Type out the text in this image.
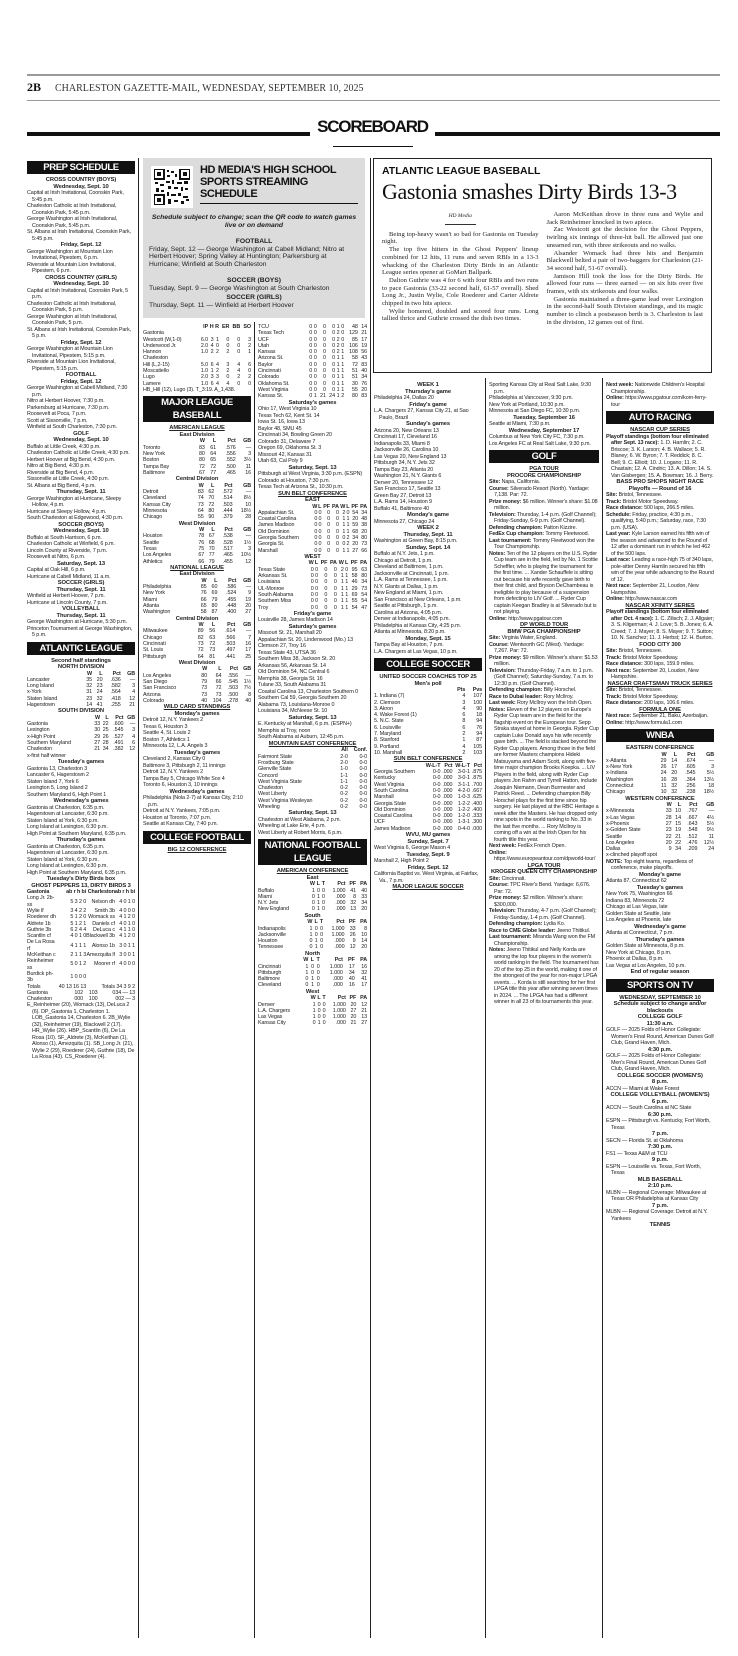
2B CHARLESTON GAZETTE-MAIL, WEDNESDAY, SEPTEMBER 10, 2025
SCOREBOARD
HD MEDIA'S HIGH SCHOOL SPORTS STREAMING SCHEDULE
Schedule subject to change; scan the QR code to watch games live or on demand
FOOTBALL
Friday, Sept. 12 — George Washington at Cabell Midland; Nitro at Herbert Hoover; Spring Valley at Huntington; Parkersburg at Hurricane; Winfield at South Charleston
SOCCER (BOYS)
Tuesday, Sept. 9 — George Washington at South Charleston
SOCCER (GIRLS)
Thursday, Sept. 11 — Winfield at Herbert Hoover
ATLANTIC LEAGUE BASEBALL
Gastonia smashes Dirty Birds 13-3
HD Media

Being top-heavy wasn't so bad for Gastonia on Tuesday night.

The top five hitters in the Ghost Peppers' lineup combined for 12 hits, 11 runs and seven RBIs in a 13-3 whacking of the Charleston Dirty Birds in an Atlantic League series opener at GoMart Ballpark.

Dalton Guthrie was 4 for 6 with four RBIs and two runs to pace Gastonia (33-22 second half, 61-57 overall). Shed Long Jr., Justin Wylie, Cole Roederer and Carter Aldrete chipped in two hits apiece.

Wylie homered, doubled and scored four runs. Long tallied thrice and Guthrie crossed the dish two times.

Aaron McKeithan drove in three runs and Wylie and Jack Reinheimer knocked in two apiece.

Zac Westcott got the decision for the Ghost Peppers, twirling six innings of three-hit ball. He allowed just one unearned run, with three strikeouts and no walks.

Alsander Womack had three hits and Benjamin Blackwell belted a pair of two-baggers for Charleston (21-34 second half, 51-67 overall).

Jamison Hill took the loss for the Dirty Birds. He allowed four runs — three earned — on six hits over five frames, with six strikeouts and four walks.

Gastonia maintained a three-game lead over Lexington in the second-half South Division standings, and its magic number to clinch a postseason berth is 3. Charleston is last in the division, 12 games out of first.

PREP SCHEDULE
CROSS COUNTRY (BOYS)
Wednesday, Sept. 10
Capital at Irish Invitational, Coonskin Park, 5:45 p.m.
Charleston Catholic at Irish Invitational, Coonskin Park, 5:45 p.m.
George Washington at Irish Invitational, Coonskin Park, 5:45 p.m.
St. Albans at Irish Invitational, Coonskin Park, 5:45 p.m.
Friday, Sept. 12
George Washington at Mountain Lion Invitational, Pipestem, 6 p.m.
Riverside at Mountain Lion Invitational, Pipestem, 6 p.m.
CROSS COUNTRY (GIRLS)
Wednesday, Sept. 10
Capital at Irish Invitational, Coonskin Park, 5 p.m.
Charleston Catholic at Irish Invitational, Coonskin Park, 5 p.m.
George Washington at Irish Invitational, Coonskin Park, 5 p.m.
St. Albans at Irish Invitational, Coonskin Park, 5 p.m.
Friday, Sept. 12
George Washington at Mountain Lion Invitational, Pipestem, 5:15 p.m.
Riverside at Mountain Lion Invitational, Pipestem, 5:15 p.m.
FOOTBALL
Friday, Sept. 12
George Washington at Cabell Midland, 7:30 p.m.
Nitro at Herbert Hoover, 7:30 p.m.
Parkersburg at Hurricane, 7:30 p.m.
Roosevelt at Poca, 7 p.m.
Scott at Sissonville, 7 p.m.
Winfield at South Charleston, 7:30 p.m.
GOLF
Wednesday, Sept. 10
Buffalo at Little Creek, 4:30 p.m.
Charleston Catholic at Little Creek, 4:30 p.m.
Herbert Hoover at Big Bend, 4:30 p.m.
Nitro at Big Bend, 4:30 p.m.
Riverside at Big Bend, 4 p.m.
Sissonville at Little Creek, 4:30 p.m.
St. Albans at Big Bend, 4 p.m.
Thursday, Sept. 11
George Washington at Hurricane, Sleepy Hollow, 4 p.m.
Hurricane at Sleepy Hollow, 4 p.m.
South Charleston at Edgewood, 4:30 p.m.
SOCCER (BOYS)
Wednesday, Sept. 10
Buffalo at South Harrison, 6 p.m.
Charleston Catholic at Winfield, 6 p.m.
Lincoln County at Riverside, 7 p.m.
Roosevelt at Nitro, 6 p.m.
Saturday, Sept. 13
Capital at Oak Hill, 6 p.m.
Hurricane at Cabell Midland, 11 a.m.
SOCCER (GIRLS)
Thursday, Sept. 11
Winfield at Herbert Hoover, 7 p.m.
Hurricane at Lincoln County, 7 p.m.
VOLLEYBALL
Thursday, Sept. 11
George Washington at Hurricane, 5:30 p.m.
Princeton Tournament at George Washington, 5 p.m.
ATLANTIC LEAGUE
Second half standings
NORTH DIVISION
	W	L	Pct	GB
Lancaster	35	20	.636	—
Long Island	32	23	.582	3
x-York	31	24	.564	4
Staten Island	23	32	.418	12
Hagerstown	14	41	.255	21
SOUTH DIVISION
	W	L	Pct	GB
Gastonia	33	22	.600	—
Lexington	30	25	.545	3
x-High Point	29	26	.527	4
Southern Maryland	27	28	.491	6
Charleston	21	34	.382	12
x-first half winner
Tuesday's games
Gastonia 13, Charleston 3
Lancaster 6, Hagerstown 2
Staten Island 7, York 6
Lexington 5, Long Island 2
Southern Maryland 6, High Point 1
Wednesday's games
Gastonia at Charleston, 6:35 p.m.
Hagerstown at Lancaster, 6:30 p.m.
Staten Island at York, 6:30 p.m.
Long Island at Lexington, 6:30 p.m.
High Point at Southern Maryland, 6:35 p.m.
Thursday's games
Gastonia at Charleston, 6:35 p.m.
Hagerstown at Lancaster, 6:30 p.m.
Staten Island at York, 6:30 p.m.
Long Island at Lexington, 6:30 p.m.
High Point at Southern Maryland, 6:35 p.m.
Tuesday's Dirty Birds box
GHOST PEPPERS 13, DIRTY BIRDS 3
Gastonia	ab r h bi	Charleston	ab r h bi
Long Jr. 2b-ss	5 3 2 0	Nelson dh	4 0 1 0
Wylie lf	3 4 2 2	Smith 3b	4 0 0 0
Roederer dh	5 1 2 0	Womack ss	4 1 2 0
Aldrete 1b	5 1 2 1	Daniels cf	4 0 1 0
Guthrie 3b	6 2 4 4	DeLuca c	4 1 1 0
Scantlin cf	4 0 1 0	Blackwell 3b	4 1 2 0
De La Rosa rf	4 1 1 1	Alonso 1b	3 0 1 1
McKeithan c	2 1 1 3	Amezquita lf	3 0 0 1
Reinheimer ss	5 0 1 2	Moorer rf	4 0 0 0
Burdick ph-3b	1 0 0 0		
Totals	40 13 16 13	Totals	34 3 9 2
Gastonia	102	103	034 — 13
Charleston	000	100	002 — 3
E_Reinheimer (20), Womack (13), DeLuca 2 (6). DP_Gastonia 1, Charleston 1. LOB_Gastonia 14, Charleston 6. 2B_Wylie (32), Reinheimer (19), Blackwell 2 (17). HR_Wylie (26). HBP_Scantlin (6), De La Rosa (10). SF_Aldrete (3), McKeithan (1), Alonso (1), Amezquita (1). SB_Long Jr. (21), Wylie 2 (29), Roederer (24), Guthrie (18), De La Rosa (43). CS_Roederer (4).
	IP	H	R	ER	BB	SO
Gastonia						
Westcott (W,1-0)	6.0	3	1	0	0	3
Underwood Jr.	2.0	4	0	0	0	2
Hannon	1.0	2	2	2	0	1
Charleston						
Hill (L,2-15)	5.0	6	4	3	4	6
Moscatiello	1.0	1	2	2	4	0
Lugo	2.0	3	3	0	2	2
Lamere	1.0	6	4	4	0	0
HB_Hill (12), Lugo (3). T_3:19. A_1,438.
MAJOR LEAGUE BASEBALL
AMERICAN LEAGUE
East Division
	W	L	Pct	GB
Toronto	83	61	.576	—
New York	80	64	.556	3
Boston	80	65	.552	3½
Tampa Bay	72	72	.500	11
Baltimore	67	77	.465	16
Central Division
	W	L	Pct	GB
Detroit	83	62	.572	—
Cleveland	74	70	.514	8½
Kansas City	73	72	.503	10
Minnesota	64	80	.444	18½
Chicago	55	90	.379	28
West Division
	W	L	Pct	GB
Houston	78	67	.538	—
Seattle	76	68	.528	1½
Texas	75	70	.517	3
Los Angeles	67	77	.465	10½
Athletics	66	79	.455	12
NATIONAL LEAGUE
East Division
	W	L	Pct	GB
Philadelphia	85	60	.586	—
New York	76	69	.524	9
Miami	66	79	.455	19
Atlanta	65	80	.448	20
Washington	58	87	.400	27
Central Division
	W	L	Pct	GB
Milwaukee	89	56	.614	—
Chicago	82	63	.566	7
Cincinnati	73	72	.503	16
St. Louis	72	73	.497	17
Pittsburgh	64	81	.441	25
West Division
	W	L	Pct	GB
Los Angeles	80	64	.556	—
San Diego	79	66	.545	1½
San Francisco	73	72	.503	7½
Arizona	73	73	.500	8
Colorado	40	104	.278	40
WILD CARD STANDINGS
Monday's games
Detroit 12, N.Y. Yankees 2
Texas 6, Houston 3
Seattle 4, St. Louis 2
Boston 7, Athletics 1
Minnesota 12, L.A. Angels 3
Tuesday's games
Cleveland 2, Kansas City 0
Baltimore 3, Pittsburgh 2, 11 innings
Detroit 12, N.Y. Yankees 2
Tampa Bay 5, Chicago White Sox 4
Toronto 6, Houston 3, 10 innings
Wednesday's games
Philadelphia (Nola 2-7) at Kansas City, 2:10 p.m.
Detroit at N.Y. Yankees, 7:05 p.m.
Houston at Toronto, 7:07 p.m.
Seattle at Kansas City, 7:40 p.m.
COLLEGE FOOTBALL
BIG 12 CONFERENCE
TCU	0	0	0	0	1	0	48	14
Texas Tech	0	0	0	0	2	0	129	21
UCF	0	0	0	0	2	0	85	17
Utah	0	0	0	0	2	0	106	19
Kansas	0	0	0	0	2	1	108	56
Arizona St.	0	0	0	0	1	1	58	43
Baylor	0	0	0	0	1	1	72	83
Cincinnati	0	0	0	0	1	1	51	40
Colorado	0	0	0	0	1	1	51	34
Oklahoma St.	0	0	0	0	1	1	30	76
West Virginia	0	0	0	0	1	1	55	20
Kansas St.	0	1	21	24	1	2	80	83
Saturday's games
Ohio 17, West Virginia 10
Texas Tech 62, Kent St. 14
Iowa St. 16, Iowa 13
Baylor 48, SMU 45
Cincinnati 34, Bowling Green 20
Colorado 31, Delaware 7
Oregon 69, Oklahoma St. 3
Missouri 42, Kansas 31
Utah 63, Cal Poly 9
Saturday, Sept. 13
Pittsburgh at West Virginia, 3:30 p.m. (ESPN)
Colorado at Houston, 7:30 p.m.
Texas Tech at Arizona St., 10:30 p.m.
SUN BELT CONFERENCE
EAST
	W	L	PF	PA	W	L	PF	PA
Appalachian St.	0	0	0	0	2	0	54	34
Coastal Carolina	0	0	0	0	1	1	20	48
James Madison	0	0	0	0	1	1	59	38
Old Dominion	0	0	0	0	1	1	68	20
Georgia Southern	0	0	0	0	0	2	34	80
Georgia St.	0	0	0	0	0	2	20	73
Marshall	0	0	0	0	1	1	27	66
WEST
	W	L	PF	PA	W	L	PF	PA
Texas State	0	0	0	0	2	0	95	63
Arkansas St.	0	0	0	0	1	1	58	80
Louisiana	0	0	0	0	1	1	46	34
UL-Monroe	0	0	0	0	1	1	29	73
South Alabama	0	0	0	0	1	1	69	54
Southern Miss	0	0	0	0	1	1	55	54
Troy	0	0	0	0	1	1	54	47
Friday's game
Louisville 28, James Madison 14
Saturday's games
Missouri St. 21, Marshall 20
Appalachian St. 20, Lindenwood (Mo.) 13
Clemson 27, Troy 16
Texas State 43, UTSA 36
Southern Miss 38, Jackson St. 20
Arkansas 56, Arkansas St. 14
Old Dominion 54, NC Central 6
Memphis 38, Georgia St. 16
Tulane 33, South Alabama 31
Coastal Carolina 13, Charleston Southern 0
Southern Cal 59, Georgia Southern 20
Alabama 73, Louisiana-Monroe 0
Louisiana 34, McNeese St. 10
Saturday, Sept. 13
E. Kentucky at Marshall, 6 p.m. (ESPN+)
Memphis at Troy, noon
South Alabama at Auburn, 12:45 p.m.
MOUNTAIN EAST CONFERENCE
	All	Conf.
Fairmont State	2-0	0-0
Frostburg State	2-0	0-0
Glenville State	1-0	0-0
Concord	1-1	0-0
West Virginia State	1-1	0-0
Charleston	0-2	0-0
West Liberty	0-2	0-0
West Virginia Wesleyan	0-2	0-0
Wheeling	0-2	0-0
Saturday, Sept. 13
Charleston at West Alabama, 2 p.m.
Wheeling at Lake Erie, 4 p.m.
West Liberty at Robert Morris, 6 p.m.
NATIONAL FOOTBALL LEAGUE
AMERICAN CONFERENCE
East
	W	L	T	Pct	PF	PA
Buffalo	1	0	0	1.000	41	40
Miami	0	1	0	.000	8	33
N.Y. Jets	0	1	0	.000	32	34
New England	0	1	0	.000	13	20
South
	W	L	T	Pct	PF	PA
Indianapolis	1	0	0	1.000	33	8
Jacksonville	1	0	0	1.000	26	10
Houston	0	1	0	.000	9	14
Tennessee	0	1	0	.000	12	20
North
	W	L	T	Pct	PF	PA
Cincinnati	1	0	0	1.000	17	16
Pittsburgh	1	0	0	1.000	34	32
Baltimore	0	1	0	.000	40	41
Cleveland	0	1	0	.000	16	17
West
	W	L	T	Pct	PF	PA
Denver	1	0	0	1.000	20	12
L.A. Chargers	1	0	0	1.000	27	21
Las Vegas	1	0	0	1.000	20	13
Kansas City	0	1	0	.000	21	27
WEEK 1
Thursday's game
Philadelphia 24, Dallas 20
Friday's game
L.A. Chargers 27, Kansas City 21, at Sao Paulo, Brazil
Sunday's games
Arizona 20, New Orleans 13
Cincinnati 17, Cleveland 16
Indianapolis 33, Miami 8
Jacksonville 26, Carolina 10
Las Vegas 20, New England 13
Pittsburgh 34, N.Y. Jets 32
Tampa Bay 23, Atlanta 20
Washington 21, N.Y. Giants 6
Denver 20, Tennessee 12
San Francisco 17, Seattle 13
Green Bay 27, Detroit 13
L.A. Rams 14, Houston 9
Buffalo 41, Baltimore 40
Monday's game
Minnesota 27, Chicago 24
WEEK 2
Thursday, Sept. 11
Washington at Green Bay, 8:15 p.m.
Sunday, Sept. 14
Buffalo at N.Y. Jets, 1 p.m.
Chicago at Detroit, 1 p.m.
Cleveland at Baltimore, 1 p.m.
Jacksonville at Cincinnati, 1 p.m.
L.A. Rams at Tennessee, 1 p.m.
N.Y. Giants at Dallas, 1 p.m.
New England at Miami, 1 p.m.
San Francisco at New Orleans, 1 p.m.
Seattle at Pittsburgh, 1 p.m.
Carolina at Arizona, 4:05 p.m.
Denver at Indianapolis, 4:05 p.m.
Philadelphia at Kansas City, 4:25 p.m.
Atlanta at Minnesota, 8:20 p.m.
Monday, Sept. 15
Tampa Bay at Houston, 7 p.m.
L.A. Chargers at Las Vegas, 10 p.m.
COLLEGE SOCCER
UNITED SOCCER COACHES TOP 25
Men's poll
	Pts	Pvs
1. Indiana (7)	4	107
2. Clemson	3	100
3. Akron	4	90
4. Wake Forest (1)	6	18
5. N.C. State	8	94
6. Louisville	6	76
7. Maryland	2	94
8. Stanford	1	87
9. Portland	4	105
10. Marshall	2	103
SUN BELT CONFERENCE
	W-L-T	Pct	W-L-T	Pct
Georgia Southern	0-0	.000	3-0-1	.875
Kentucky	0-0	.000	3-0-1	.875
West Virginia	0-0	.000	3-1-1	.700
South Carolina	0-0	.000	4-2-0	.667
Marshall	0-0	.000	1-0-3	.625
Georgia State	0-0	.000	1-2-2	.400
Old Dominion	0-0	.000	1-2-2	.400
Coastal Carolina	0-0	.000	1-2-0	.333
UCF	0-0	.000	1-3-1	.300
James Madison	0-0	.000	0-4-0	.000
WVU, MU games
Sunday, Sept. 7
West Virginia 6, George Mason 4
Tuesday, Sept. 9
Marshall 2, High Point 2
Friday, Sept. 12
California Baptist vs. West Virginia, at Fairfax, Va., 7 p.m.
MAJOR LEAGUE SOCCER
Sporting Kansas City at Real Salt Lake, 9:30 p.m.
Philadelphia at Vancouver, 9:30 p.m.
New York at Portland, 10:30 p.m.
Minnesota at San Diego FC, 10:30 p.m.
Tuesday, September 16
Seattle at Miami, 7:30 p.m.
Wednesday, September 17
Columbus at New York City FC, 7:30 p.m.
Los Angeles FC at Real Salt Lake, 9:30 p.m.
GOLF
PGA TOUR
PROCORE CHAMPIONSHIP
Site: Napa, California.
Course: Silverado Resort (North). Yardage: 7,138. Par: 72.
Prize money: $6 million. Winner's share: $1.08 million.
Television: Thursday, 1-4 p.m. (Golf Channel); Friday-Sunday, 6-9 p.m. (Golf Channel).
Defending champion: Patton Kizzire.
FedEx Cup champion: Tommy Fleetwood.
Last tournament: Tommy Fleetwood won the Tour Championship.
Notes: Ten of the 12 players on the U.S. Ryder Cup team are in the field, led by No. 1 Scottie Scheffler, who is playing the tournament for the first time. ... Xander Schauffele is sitting out because his wife recently gave birth to their first child, and Bryson DeChambeau is ineligible to play because of a suspension from defecting to LIV Golf. ... Ryder Cup captain Keegan Bradley is at Silverado but is not playing.
Online: http://www.pgatour.com
DP WORLD TOUR
BMW PGA CHAMPIONSHIP
Site: Virginia Water, England.
Course: Wentworth GC (West). Yardage: 7,267. Par: 72.
Prize money: $9 million. Winner's share: $1.53 million.
Television: Thursday-Friday, 7 a.m. to 1 p.m. (Golf Channel); Saturday-Sunday, 7 a.m. to 12:30 p.m. (Golf Channel).
Defending champion: Billy Horschel.
Race to Dubai leader: Rory McIlroy.
Last week: Rory McIlroy won the Irish Open.
Notes: Eleven of the 12 players on Europe's Ryder Cup team are in the field for the flagship event on the European tour. Sepp Straka stayed at home in Georgia. Ryder Cup captain Luke Donald says his wife recently gave birth. ... The field is stacked beyond the Ryder Cup players. Among those in the field are former Masters champions Hideki Matsuyama and Adam Scott, along with five-time major champion Brooks Koepka. ... LIV Players in the field, along with Ryder Cup players Jon Rahm and Tyrrell Hatton, include Joaquin Niemann, Dean Burmester and Patrick Reed. ... Defending champion Billy Horschel plays for the first time since hip surgery. He last played at the RBC Heritage a week after the Masters. He has dropped only nine spots in the world ranking to No. 33 in the last five months. ... Rory McIlroy is coming off a win at the Irish Open for his fourth title this year.
Next week: FedEx French Open.
Online: https://www.europeantour.com/dpworld-tour/
LPGA TOUR
KROGER QUEEN CITY CHAMPIONSHIP
Site: Cincinnati.
Course: TPC River's Bend. Yardage: 6,676. Par: 72.
Prize money: $2 million. Winner's share: $300,000.
Television: Thursday, 4-7 p.m. (Golf Channel); Friday-Sunday, 1-4 p.m. (Golf Channel).
Defending champion: Lydia Ko.
Race to CME Globe leader: Jeeno Thitikul.
Last tournament: Miranda Wang won the FM Championship.
Notes: Jeeno Thitikul and Nelly Korda are among the top four players in the women's world ranking in the field. The tournament has 20 of the top 25 in the world, making it one of the strongest of the year for non-major LPGA events. ... Korda is still searching for her first LPGA title this year after winning seven times in 2024. ... The LPGA has had a different winner in all 23 of its tournaments this year.
Next week: Nationwide Children's Hospital Championship.
Online: https://www.pgatour.com/korn-ferry-tour
AUTO RACING
NASCAR CUP SERIES
Playoff standings (bottom four eliminated after Sept. 13 race): 1. D. Hamlin; 2. C. Briscoe; 3. K. Larson; 4. B. Wallace; 5. R. Blaney; 6. W. Byron; 7. T. Reddick; 8. C. Bell; 9. C. Elliott; 10. J. Logano; 11. R. Chastain; 12. A. Cindric; 13. A. Dillon; 14. S. Van Gisbergen; 15. A. Bowman; 16. J. Berry.
BASS PRO SHOPS NIGHT RACE
Playoffs — Round of 16
Site: Bristol, Tennessee.
Track: Bristol Motor Speedway.
Race distance: 500 laps, 266.5 miles.
Schedule: Friday, practice, 4:30 p.m., qualifying, 5:40 p.m.; Saturday, race, 7:30 p.m. (USA).
Last year: Kyle Larson earned his fifth win of the season and advanced to the Round of 12 after a dominant run in which he led 462 of the 500 laps.
Last race: Leading a race-high 75 of 340 laps, pole-sitter Denny Hamlin secured his fifth win of the year while advancing to the Round of 12.
Next race: September 21, Loudon, New Hampshire.
Online: http://www.nascar.com
NASCAR XFINITY SERIES
Playoff standings (bottom four eliminated after Oct. 4 race): 1. C. Zilisch; 2. J. Allgaier; 3. S. Kligerman; 4. J. Love; 5. B. Jones; 6. A. Creed; 7. J. Mayer; 8. S. Mayer; 9. T. Sutton; 10. N. Sanchez; 11. J. Herbst; 12. H. Burton.
FOOD CITY 300
Site: Bristol, Tennessee.
Track: Bristol Motor Speedway.
Race distance: 300 laps, 159.9 miles.
Next race: September 20, Loudon, New Hampshire.
NASCAR CRAFTSMAN TRUCK SERIES
Site: Bristol, Tennessee.
Track: Bristol Motor Speedway.
Race distance: 200 laps, 106.6 miles.
FORMULA ONE
Next race: September 21, Baku, Azerbaijan.
Online: http://www.formula1.com
WNBA
EASTERN CONFERENCE
	W	L	Pct	GB
x-Atlanta	29	14	.674	—
x-New York	26	17	.605	3
x-Indiana	24	20	.545	5½
Washington	16	28	.364	13½
Connecticut	11	32	.256	18
Chicago	10	32	.238	18½
WESTERN CONFERENCE
	W	L	Pct	GB
x-Minnesota	33	10	.767	—
x-Las Vegas	28	14	.667	4½
x-Phoenix	27	15	.643	5½
x-Golden State	23	19	.548	9½
Seattle	22	21	.512	11
Los Angeles	20	22	.476	12½
Dallas	9	34	.209	24
x-clinched playoff spot
NOTE: Top eight teams, regardless of conference, make playoffs.
Monday's game
Atlanta 87, Connecticut 62
Tuesday's games
New York 75, Washington 66
Indiana 83, Minnesota 72
Chicago at Las Vegas, late
Golden State at Seattle, late
Los Angeles at Phoenix, late
Wednesday's game
Atlanta at Connecticut, 7 p.m.
Thursday's games
Golden State at Minnesota, 8 p.m.
New York at Chicago, 8 p.m.
Phoenix at Dallas, 8 p.m.
Las Vegas at Los Angeles, 10 p.m.
End of regular season
SPORTS ON TV
WEDNESDAY, SEPTEMBER 10
Schedule subject to change and/or blackouts
COLLEGE GOLF
11:30 a.m.
GOLF — 2025 Folds of Honor Collegiate: Women's Final Round, American Dunes Golf Club, Grand Haven, Mich.
4:30 p.m.
GOLF — 2025 Folds of Honor Collegiate: Men's Final Round, American Dunes Golf Club, Grand Haven, Mich.
COLLEGE SOCCER (WOMEN'S)
8 p.m.
ACCN — Miami at Wake Forest
COLLEGE VOLLEYBALL (WOMEN'S)
6 p.m.
ACCN — South Carolina at NC State
6:30 p.m.
ESPN — Pittsburgh vs. Kentucky, Fort Worth, Texas
7 p.m.
SECN — Florida St. at Oklahoma
7:30 p.m.
FS1 — Texas A&M at TCU
9 p.m.
ESPN — Louisville vs. Texas, Fort Worth, Texas
MLB BASEBALL
2:10 p.m.
MLBN — Regional Coverage: Milwaukee at Texas OR Philadelphia at Kansas City
7 p.m.
MLBN — Regional Coverage: Detroit at N.Y. Yankees
TENNIS
